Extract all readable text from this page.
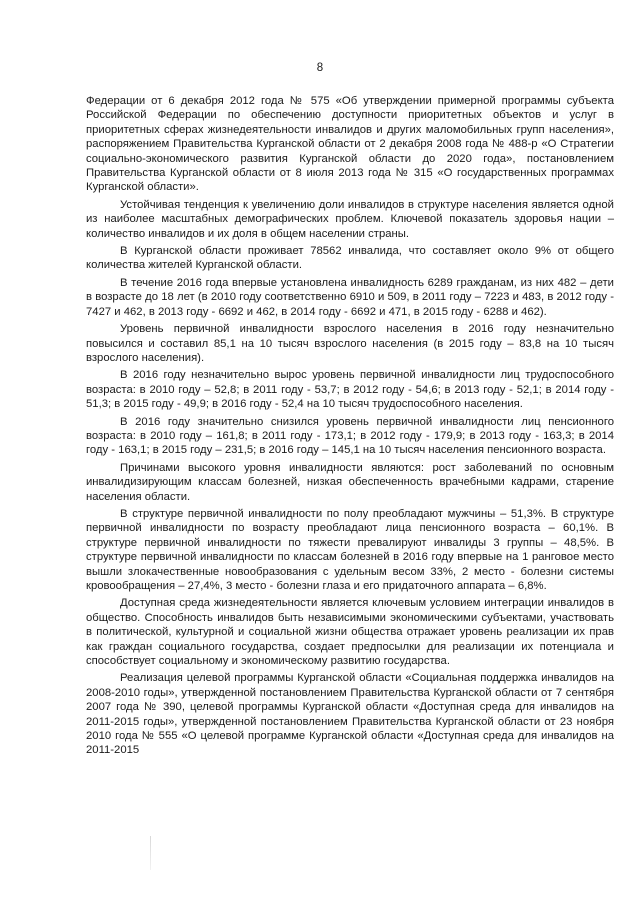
8

Федерации от 6 декабря 2012 года № 575 «Об утверждении примерной программы субъекта Российской Федерации по обеспечению доступности приоритетных объектов и услуг в приоритетных сферах жизнедеятельности инвалидов и других маломобильных групп населения», распоряжением Правительства Курганской области от 2 декабря 2008 года № 488-р «О Стратегии социально-экономического развития Курганской области до 2020 года», постановлением Правительства Курганской области от 8 июля 2013 года № 315 «О государственных программах Курганской области».

Устойчивая тенденция к увеличению доли инвалидов в структуре населения является одной из наиболее масштабных демографических проблем. Ключевой показатель здоровья нации – количество инвалидов и их доля в общем населении страны.

В Курганской области проживает 78562 инвалида, что составляет около 9% от общего количества жителей Курганской области.

В течение 2016 года впервые установлена инвалидность 6289 гражданам, из них 482 – дети в возрасте до 18 лет (в 2010 году соответственно 6910 и 509, в 2011 году – 7223 и 483, в 2012 году - 7427 и 462, в 2013 году - 6692 и 462, в 2014 году - 6692 и 471, в 2015 году - 6288 и 462).

Уровень первичной инвалидности взрослого населения в 2016 году незначительно повысился и составил 85,1 на 10 тысяч взрослого населения (в 2015 году – 83,8 на 10 тысяч взрослого населения).

В 2016 году незначительно вырос уровень первичной инвалидности лиц трудоспособного возраста: в 2010 году – 52,8; в 2011 году - 53,7; в 2012 году - 54,6; в 2013 году - 52,1; в 2014 году - 51,3; в 2015 году - 49,9; в 2016 году - 52,4 на 10 тысяч трудоспособного населения.

В 2016 году значительно снизился уровень первичной инвалидности лиц пенсионного возраста: в 2010 году – 161,8; в 2011 году - 173,1; в 2012 году - 179,9; в 2013 году - 163,3; в 2014 году - 163,1; в 2015 году – 231,5; в 2016 году – 145,1 на 10 тысяч населения пенсионного возраста.

Причинами высокого уровня инвалидности являются: рост заболеваний по основным инвалидизирующим классам болезней, низкая обеспеченность врачебными кадрами, старение населения области.

В структуре первичной инвалидности по полу преобладают мужчины – 51,3%. В структуре первичной инвалидности по возрасту преобладают лица пенсионного возраста – 60,1%. В структуре первичной инвалидности по тяжести превалируют инвалиды 3 группы – 48,5%. В структуре первичной инвалидности по классам болезней в 2016 году впервые на 1 ранговое место вышли злокачественные новообразования с удельным весом 33%, 2 место - болезни системы кровообращения – 27,4%, 3 место - болезни глаза и его придаточного аппарата – 6,8%.

Доступная среда жизнедеятельности является ключевым условием интеграции инвалидов в общество. Способность инвалидов быть независимыми экономическими субъектами, участвовать в политической, культурной и социальной жизни общества отражает уровень реализации их прав как граждан социального государства, создает предпосылки для реализации их потенциала и способствует социальному и экономическому развитию государства.

Реализация целевой программы Курганской области «Социальная поддержка инвалидов на 2008-2010 годы», утвержденной постановлением Правительства Курганской области от 7 сентября 2007 года № 390, целевой программы Курганской области «Доступная среда для инвалидов на 2011-2015 годы», утвержденной постановлением Правительства Курганской области от 23 ноября 2010 года № 555 «О целевой программе Курганской области «Доступная среда для инвалидов на 2011-2015
